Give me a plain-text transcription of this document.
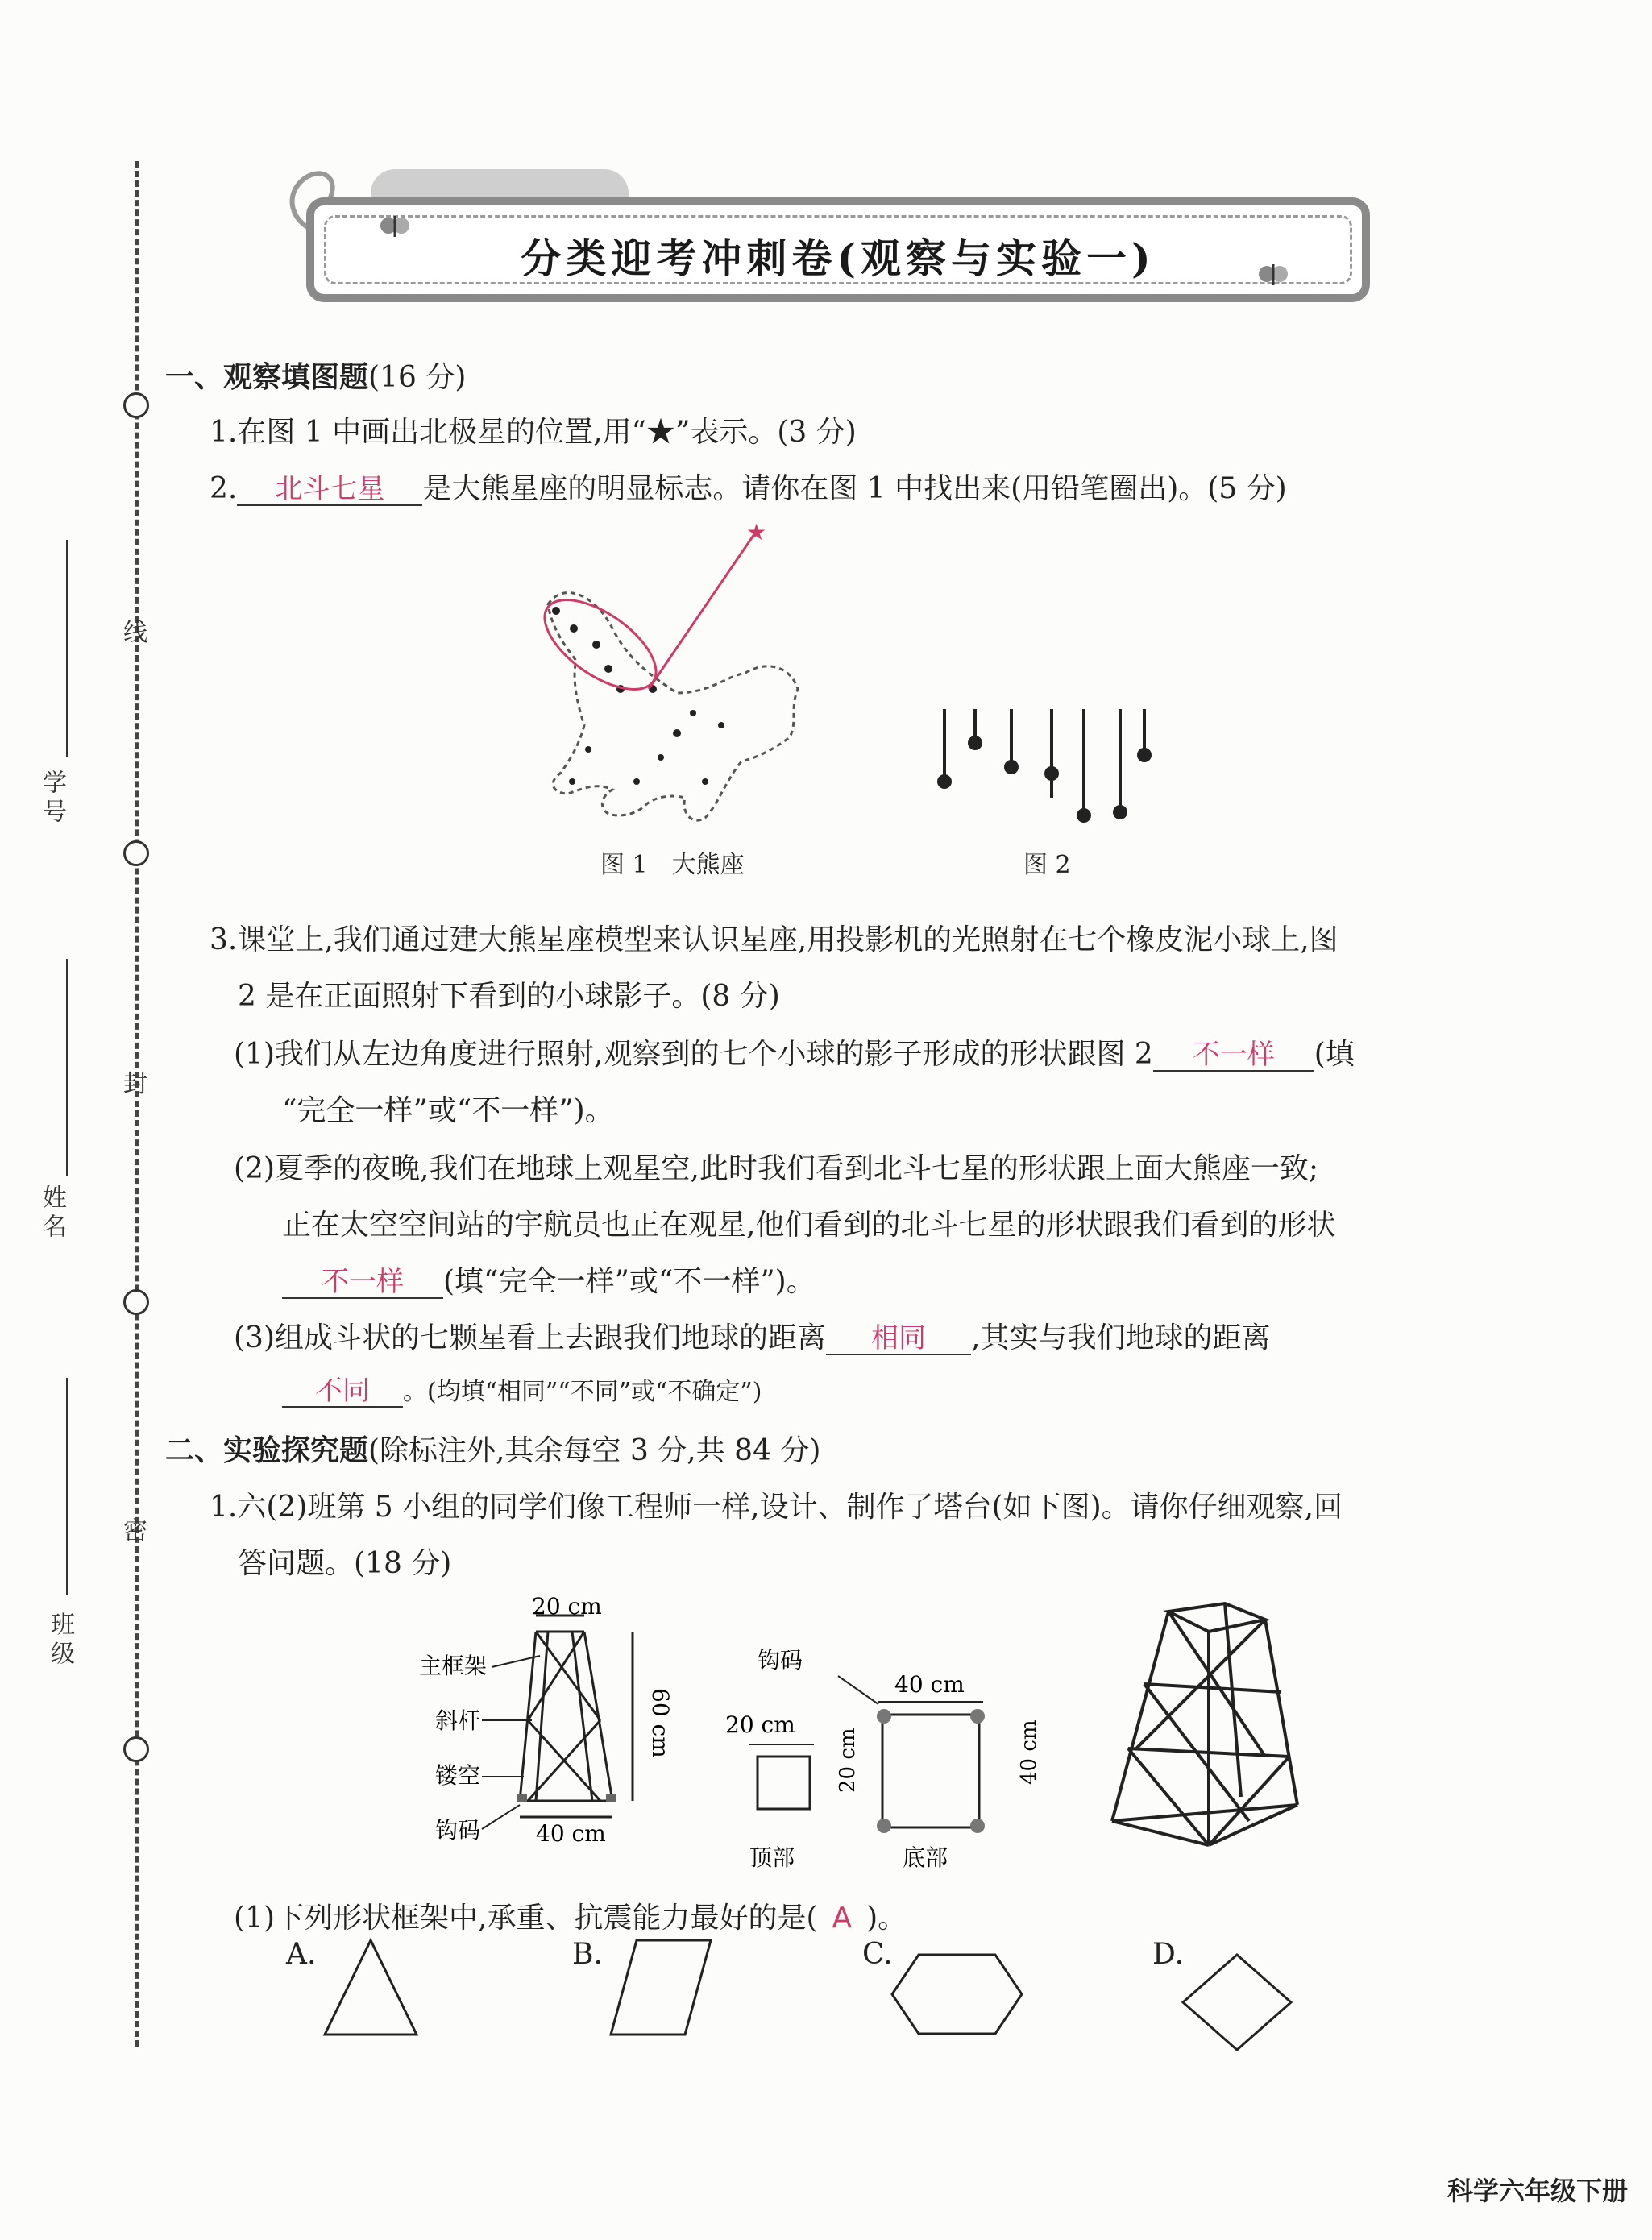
线
封
密
学号
姓名
班级
分类迎考冲刺卷(观察与实验一)
一、观察填图题(16 分)
1.在图 1 中画出北极星的位置,用“★”表示。(3 分)
2. 北斗七星 是大熊星座的明显标志。请你在图 1 中找出来(用铅笔圈出)。(5 分)
★
图 1　大熊座	图 2
3.课堂上,我们通过建大熊星座模型来认识星座,用投影机的光照射在七个橡皮泥小球上,图
2 是在正面照射下看到的小球影子。(8 分)
(1)我们从左边角度进行照射,观察到的七个小球的影子形成的形状跟图 2 不一样 (填
“完全一样”或“不一样”)。
(2)夏季的夜晚,我们在地球上观星空,此时我们看到北斗七星的形状跟上面大熊座一致;
正在太空空间站的宇航员也正在观星,他们看到的北斗七星的形状跟我们看到的形状
不一样 (填“完全一样”或“不一样”)。
(3)组成斗状的七颗星看上去跟我们地球的距离 相同 ,其实与我们地球的距离
不同 。(均填“相同”“不同”或“不确定”)
二、实验探究题(除标注外,其余每空 3 分,共 84 分)
1.六(2)班第 5 小组的同学们像工程师一样,设计、制作了塔台(如下图)。请你仔细观察,回
答问题。(18 分)
20 cm
40 cm
60 cm
主框架
斜杆
镂空
钩码
钩码
20 cm
20 cm
40 cm
40 cm
顶部	底部
(1)下列形状框架中,承重、抗震能力最好的是( A )。
A.	B.	C.	D.
科学六年级下册
